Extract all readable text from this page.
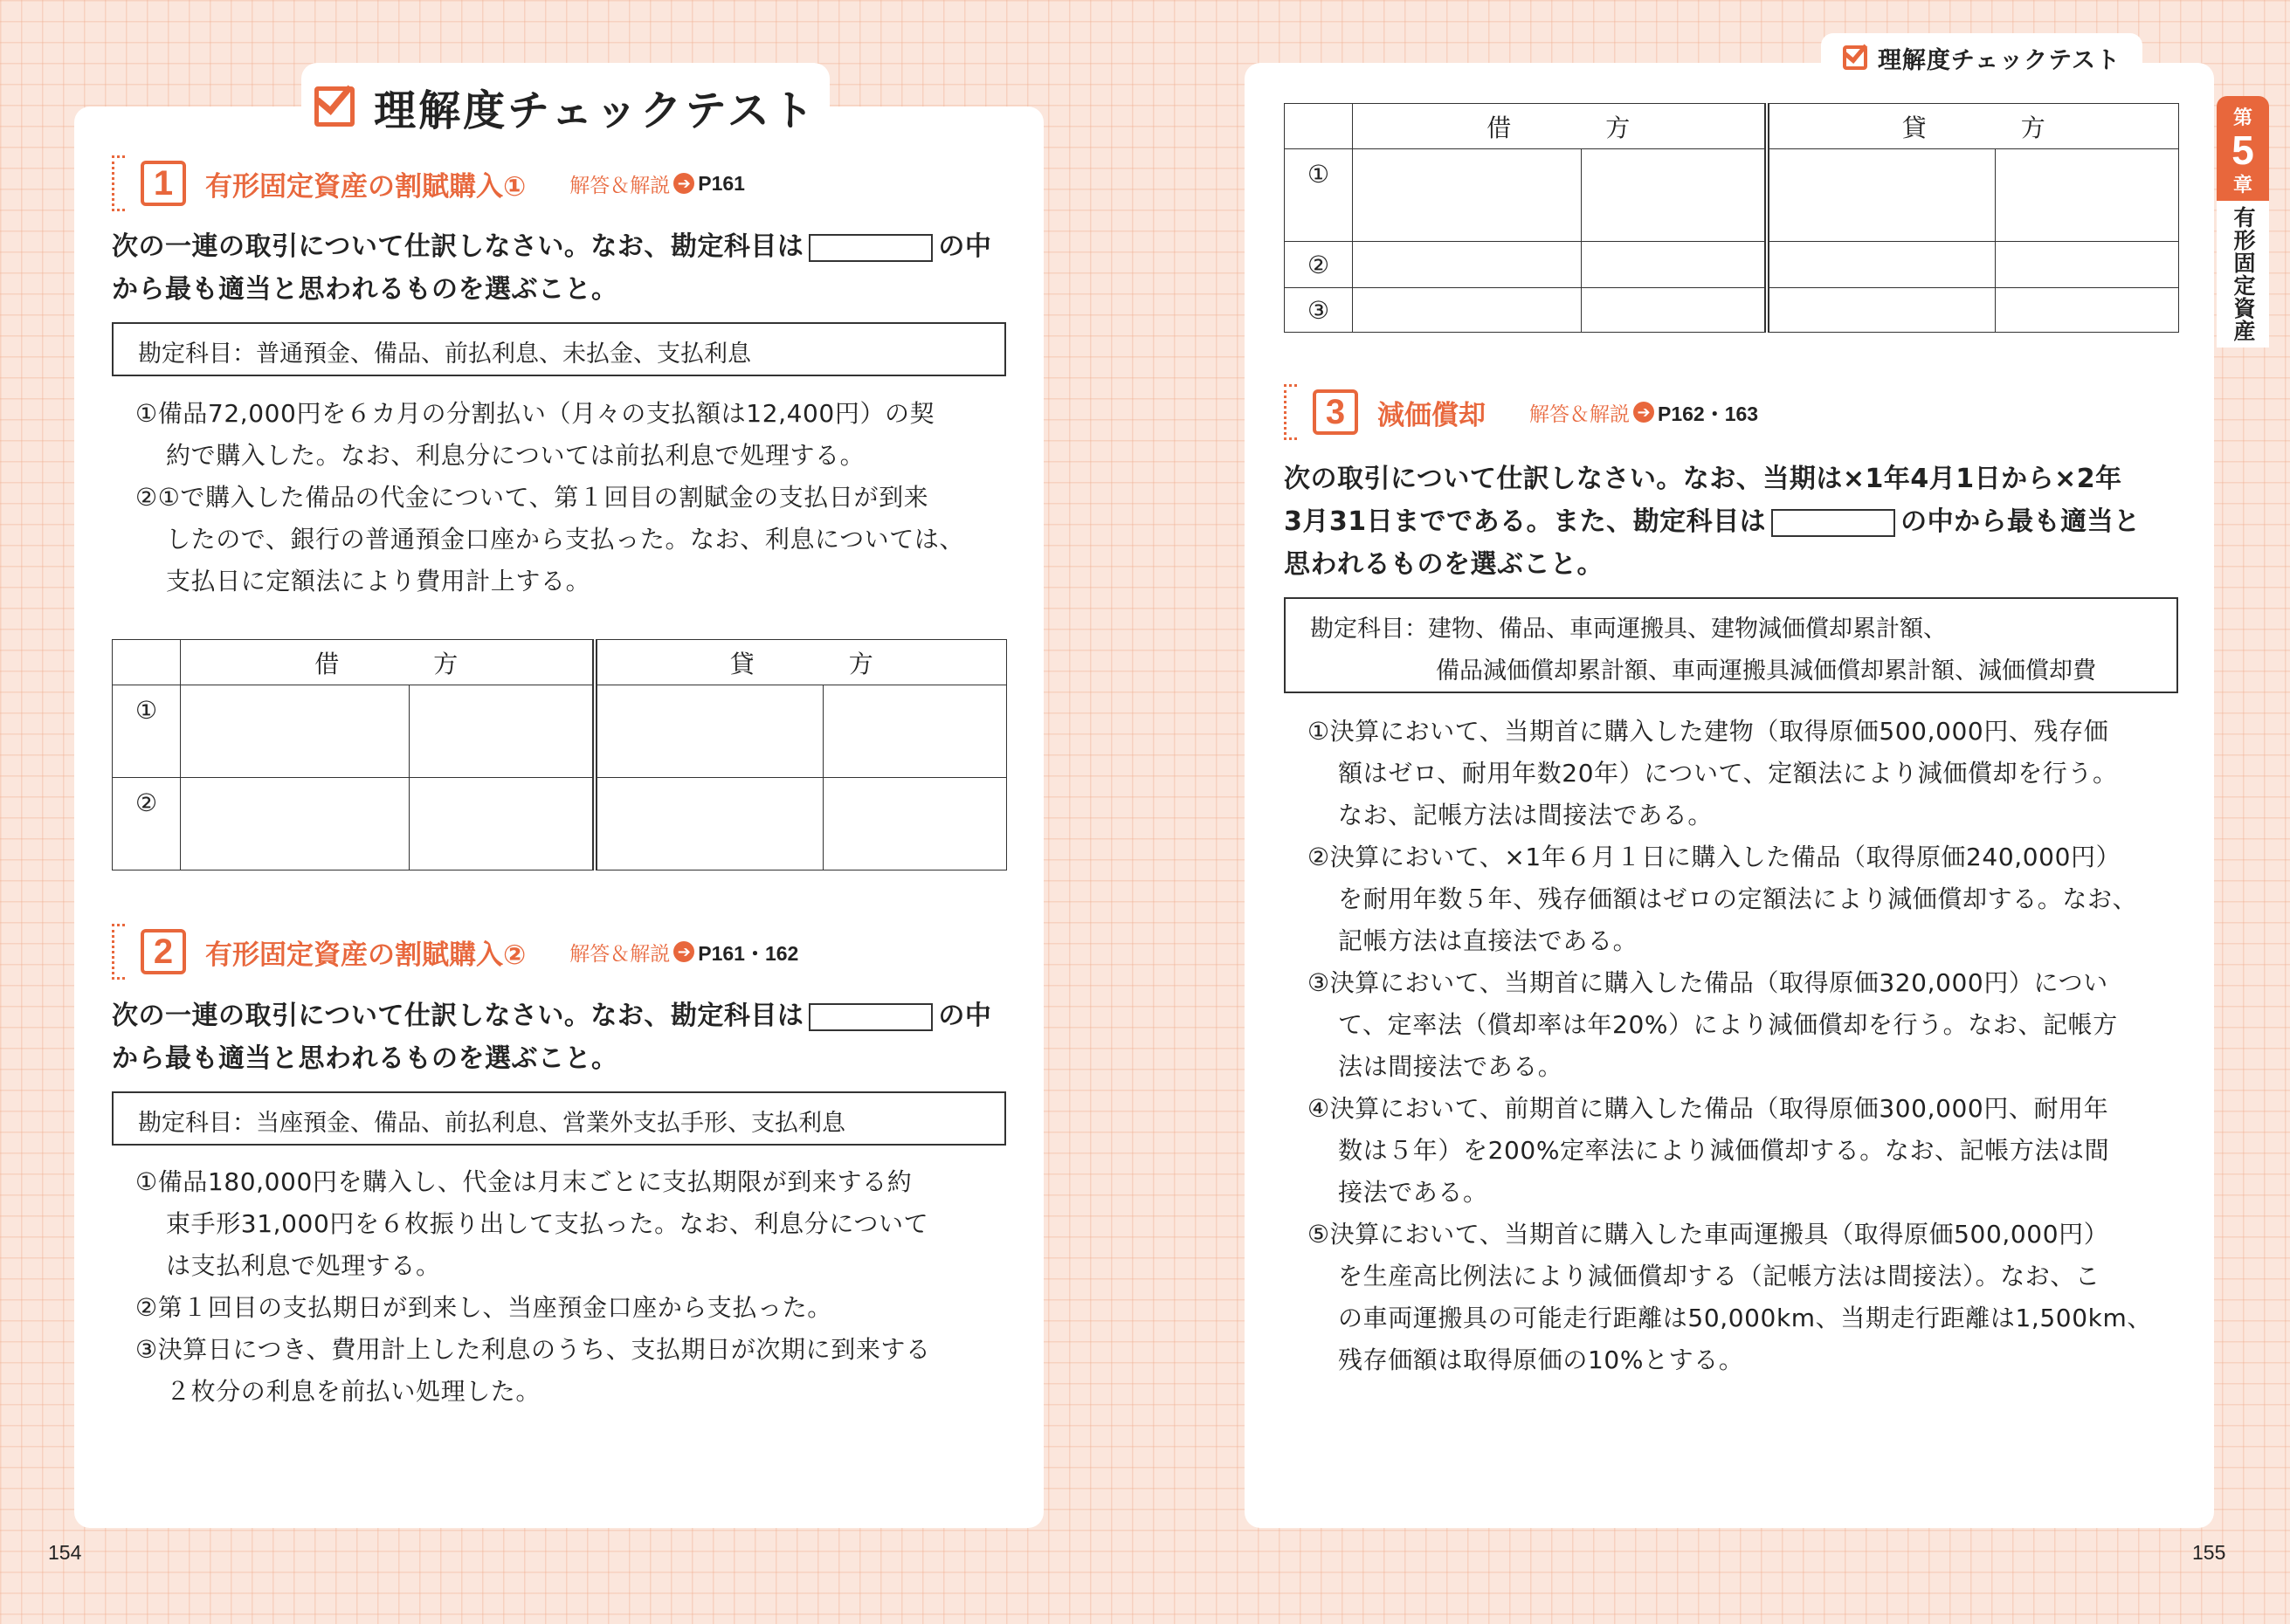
理解度チェックテスト
理解度チェックテスト
第
5
章
有形固定資産
1	有形固定資産の割賦購入① 解答＆解説 ➔ P161
次の一連の取引について仕訳しなさい。なお、勘定科目は	の中
から最も適当と思われるものを選ぶこと。
勘定科目：普通預金、備品、前払利息、未払金、支払利息
①備品72,000円を６カ月の分割払い（月々の支払額は12,400円）の契
約で購入した。なお、利息分については前払利息で処理する。
②①で購入した備品の代金について、第１回目の割賦金の支払日が到来
したので、銀行の普通預金口座から支払った。なお、利息については、
支払日に定額法により費用計上する。
	借　方		貸　方	
①				
②				
2	有形固定資産の割賦購入② 解答＆解説 ➔ P161・162
次の一連の取引について仕訳しなさい。なお、勘定科目は	の中
から最も適当と思われるものを選ぶこと。
勘定科目：当座預金、備品、前払利息、営業外支払手形、支払利息
①備品180,000円を購入し、代金は月末ごとに支払期限が到来する約
束手形31,000円を６枚振り出して支払った。なお、利息分について
は支払利息で処理する。
②第１回目の支払期日が到来し、当座預金口座から支払った。
③決算日につき、費用計上した利息のうち、支払期日が次期に到来する
２枚分の利息を前払い処理した。
	借　方		貸　方	
①				
②				
③				
3	減価償却 解答＆解説 ➔ P162・163
次の取引について仕訳しなさい。なお、当期は×1年4月1日から×2年
3月31日までである。また、勘定科目は	の中から最も適当と
思われるものを選ぶこと。
勘定科目：建物、備品、車両運搬具、建物減価償却累計額、
備品減価償却累計額、車両運搬具減価償却累計額、減価償却費
①決算において、当期首に購入した建物（取得原価500,000円、残存価
額はゼロ、耐用年数20年）について、定額法により減価償却を行う。
なお、記帳方法は間接法である。
②決算において、×1年６月１日に購入した備品（取得原価240,000円）
を耐用年数５年、残存価額はゼロの定額法により減価償却する。なお、
記帳方法は直接法である。
③決算において、当期首に購入した備品（取得原価320,000円）につい
て、定率法（償却率は年20%）により減価償却を行う。なお、記帳方
法は間接法である。
④決算において、前期首に購入した備品（取得原価300,000円、耐用年
数は５年）を200%定率法により減価償却する。なお、記帳方法は間
接法である。
⑤決算において、当期首に購入した車両運搬具（取得原価500,000円）
を生産高比例法により減価償却する（記帳方法は間接法）。なお、こ
の車両運搬具の可能走行距離は50,000km、当期走行距離は1,500km、
残存価額は取得原価の10%とする。
154	155
